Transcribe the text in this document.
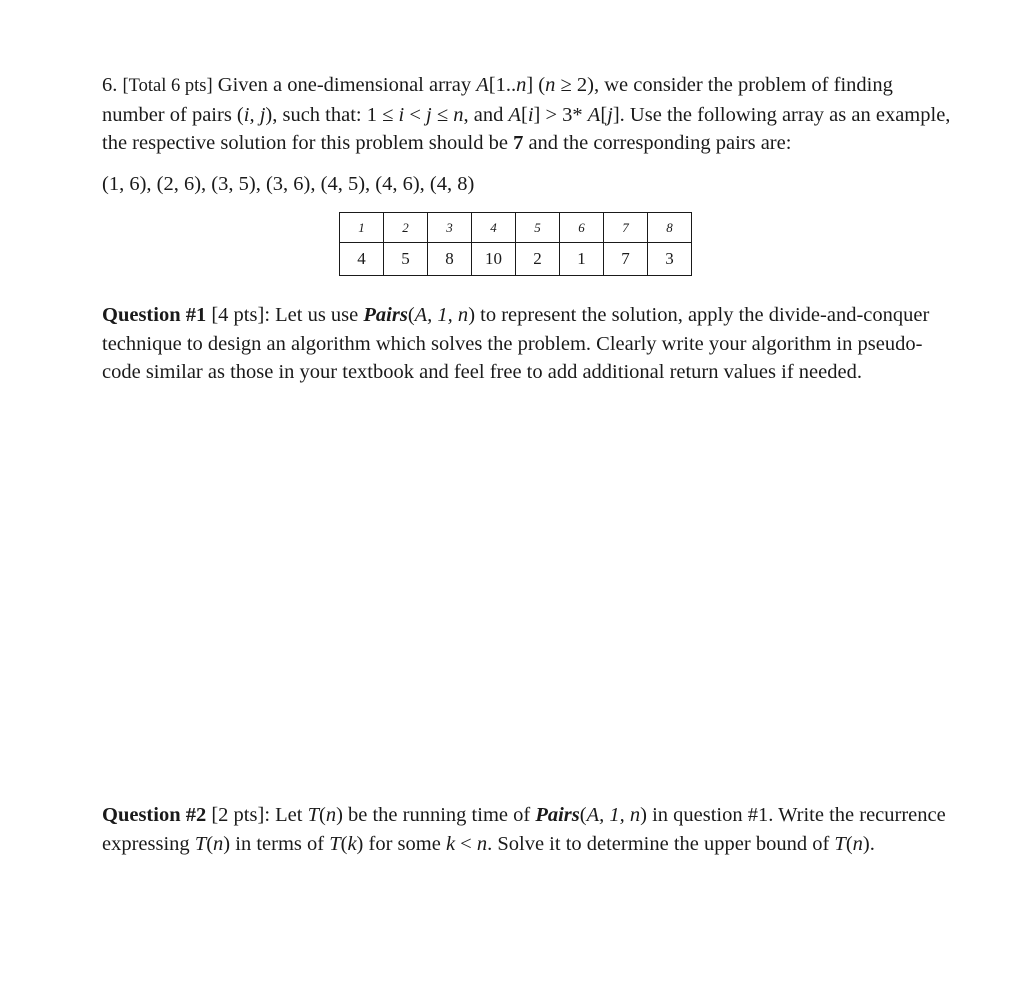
6. [Total 6 pts] Given a one-dimensional array A[1..n] (n ≥ 2), we consider the problem of finding number of pairs (i, j), such that: 1 ≤ i < j ≤ n, and A[i] > 3* A[j]. Use the following array as an example, the respective solution for this problem should be 7 and the corresponding pairs are:

(1, 6), (2, 6), (3, 5), (3, 6), (4, 5), (4, 6), (4, 8)

1	2	3	4	5	6	7	8
4	5	8	10	2	1	7	3

Question #1 [4 pts]: Let us use Pairs(A, 1, n) to represent the solution, apply the divide-and-conquer technique to design an algorithm which solves the problem. Clearly write your algorithm in pseudo-code similar as those in your textbook and feel free to add additional return values if needed.

Question #2 [2 pts]: Let T(n) be the running time of Pairs(A, 1, n) in question #1. Write the recurrence expressing T(n) in terms of T(k) for some k < n. Solve it to determine the upper bound of T(n).
